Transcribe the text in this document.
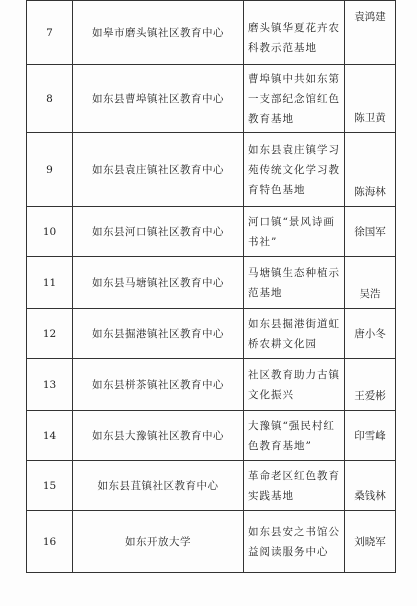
7	如皋市磨头镇社区教育中心	磨头镇华夏花卉农科教示范基地	袁鸿建
8	如东县曹埠镇社区教育中心	曹埠镇中共如东第一支部纪念馆红色教育基地	陈卫黄
9	如东县袁庄镇社区教育中心	如东县袁庄镇学习苑传统文化学习教育特色基地	陈海林
10	如东县河口镇社区教育中心	河口镇“景风诗画书社”	徐国军
11	如东县马塘镇社区教育中心	马塘镇生态种植示范基地	吴浩
12	如东县掘港镇社区教育中心	如东县掘港街道虹桥农耕文化园	唐小冬
13	如东县栟茶镇社区教育中心	社区教育助力古镇文化振兴	王爱彬
14	如东县大豫镇社区教育中心	大豫镇“强民村红色教育基地”	印雪峰
15	如东县苴镇社区教育中心	革命老区红色教育实践基地	桑钱林
16	如东开放大学	如东县安之书馆公益阅读服务中心	刘晓军
